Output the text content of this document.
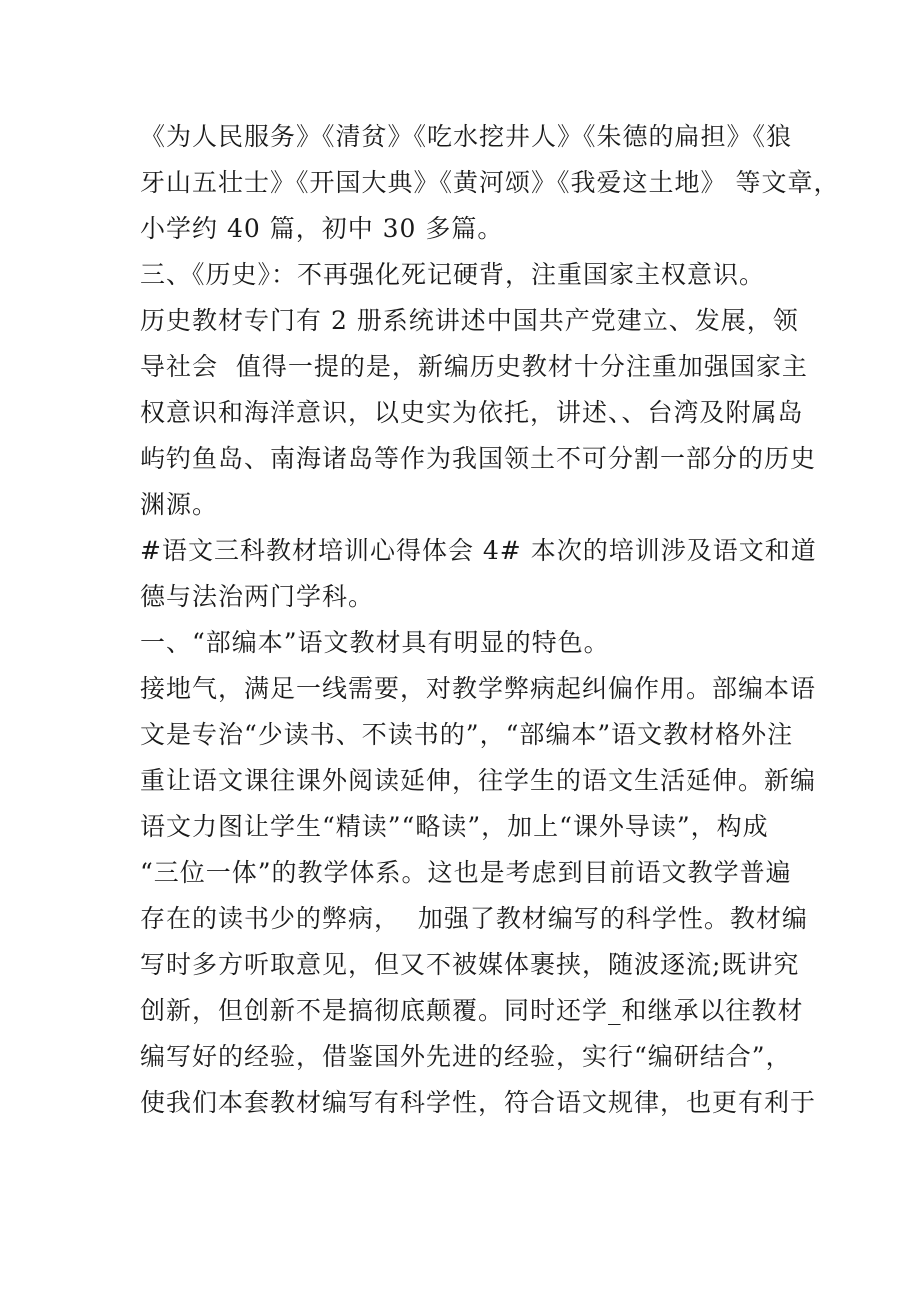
《为人民服务》《清贫》《吃水挖井人》《朱德的扁担》《狼
牙山五壮士》《开国大典》《黄河颂》《我爱这土地》 等文章，
小学约 40 篇，初中 30 多篇。
三、《历史》：不再强化死记硬背，注重国家主权意识。
历史教材专门有 2 册系统讲述中国共产党建立、发展，领
导社会  值得一提的是，新编历史教材十分注重加强国家主
权意识和海洋意识，以史实为依托，讲述、、台湾及附属岛
屿钓鱼岛、南海诸岛等作为我国领土不可分割一部分的历史
渊源。
#语文三科教材培训心得体会 4# 本次的培训涉及语文和道
德与法治两门学科。
一、“部编本”语文教材具有明显的特色。
接地气，满足一线需要，对教学弊病起纠偏作用。部编本语
文是专治“少读书、不读书的”，“部编本”语文教材格外注
重让语文课往课外阅读延伸，往学生的语文生活延伸。新编
语文力图让学生“精读”“略读”，加上“课外导读”，构成
“三位一体”的教学体系。这也是考虑到目前语文教学普遍
存在的读书少的弊病，  加强了教材编写的科学性。教材编
写时多方听取意见，但又不被媒体裹挟，随波逐流;既讲究
创新，但创新不是搞彻底颠覆。同时还学_和继承以往教材
编写好的经验，借鉴国外先进的经验，实行“编研结合”，
使我们本套教材编写有科学性，符合语文规律，也更有利于
